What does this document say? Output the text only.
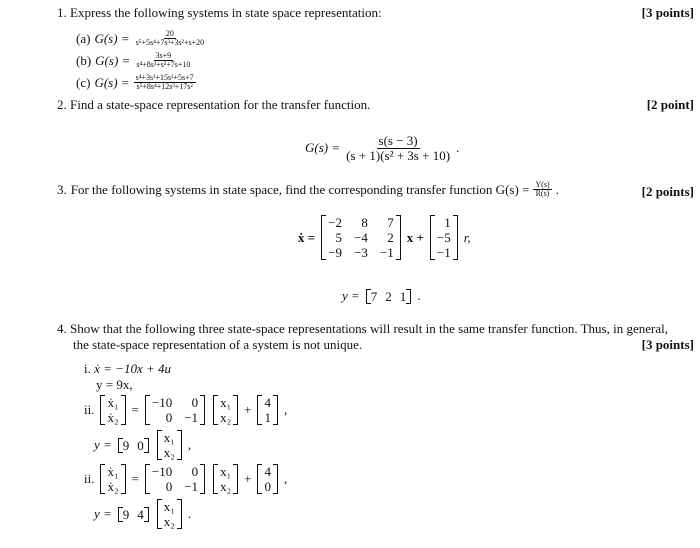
1. Express the following systems in state space representation:	[3 points]
(a) $G(s) = \frac{20}{\text{s⁵+5s⁴+7s³+3s²+s+20}}$
(b) $G(s) = \frac{3s+9}{\text{s⁴+8s³+s²+7s+10}}$
(c) $G(s) = \frac{\text{s⁴+3s³+15s²+5s+7}}{\text{s⁵+8s⁴+12s³+17s²}}$
2. Find a state-space representation for the transfer function.	[2 point]
$G(s) = \frac{s(s - 3)}{\text{(s + 1)(s² + 3s + 10)}}$ .
3. For the following systems in state space, find the corresponding transfer function $G(s) = \frac{Y(s)}{R(s)}$ .	[2 points]
ẋ =
−2	8	7
5	−4	2
−9	−3	−1

x +
1
−5
−1

r,
y = 7	2	1 .
4. Show that the following three state-space representations will result in the same transfer function. Thus, in general,
the state-space representation of a system is not unique.	[3 points]
i. ẋ = −10x + 4u
y = 9x,
ii. ẋ₁
ẋ₂

= −10	0
0	−1

x₁
x₂

+ 4
1

,
y = 9	0 x₁
x₂

,
ii. ẋ₁
ẋ₂

= −10	0
0	−1

x₁
x₂

+ 4
0

,
y = 9	4 x₁
x₂

.
